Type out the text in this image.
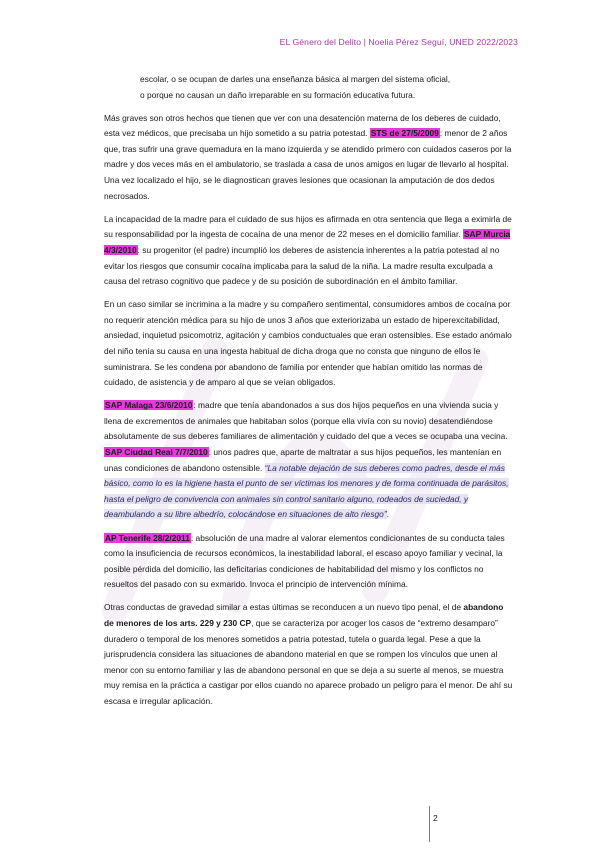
EL Género del Delito | Noelia Pérez Seguí, UNED 2022/2023
escolar, o se ocupan de darles una enseñanza básica al margen del sistema oficial,
o porque no causan un daño irreparable en su formación educativa futura.

Más graves son otros hechos que tienen que ver con una desatención materna de los deberes de cuidado, esta vez médicos, que precisaba un hijo sometido a su patria potestad. STS de 27/5/2009: menor de 2 años que, tras sufrir una grave quemadura en la mano izquierda y se atendido primero con cuidados caseros por la madre y dos veces más en el ambulatorio, se traslada a casa de unos amigos en lugar de llevarlo al hospital. Una vez localizado el hijo, se le diagnostican graves lesiones que ocasionan la amputación de dos dedos necrosados.

La incapacidad de la madre para el cuidado de sus hijos es afirmada en otra sentencia que llega a eximirla de su responsabilidad por la ingesta de cocaína de una menor de 22 meses en el domicilio familiar. SAP Murcia 4/3/2010: su progenitor (el padre) incumplió los deberes de asistencia inherentes a la patria potestad al no evitar los riesgos que consumir cocaína implicaba para la salud de la niña. La madre resulta exculpada a causa del retraso cognitivo que padece y de su posición de subordinación en el ámbito familiar.

En un caso similar se incrimina a la madre y su compañero sentimental, consumidores ambos de cocaína por no requerir atención médica para su hijo de unos 3 años que exteriorizaba un estado de hiperexcitabilidad, ansiedad, inquietud psicomotriz, agitación y cambios conductuales que eran ostensibles. Ese estado anómalo del niño tenía su causa en una ingesta habitual de dicha droga que no consta que ninguno de ellos le suministrara. Se les condena por abandono de familia por entender que habían omitido las normas de cuidado, de asistencia y de amparo al que se veían obligados.

SAP Malaga 23/6/2010: madre que tenía abandonados a sus dos hijos pequeños en una vivienda sucia y llena de excrementos de animales que habitaban solos (porque ella vivía con su novio) desatendiéndose absolutamente de sus deberes familiares de alimentación y cuidado del que a veces se ocupaba una vecina. SAP Ciudad Real 7/7/2010: unos padres que, aparte de maltratar a sus hijos pequeños, les mantenían en unas condiciones de abandono ostensible. “La notable dejación de sus deberes como padres, desde el más básico, como lo es la higiene hasta el punto de ser víctimas los menores y de forma continuada de parásitos, hasta el peligro de convivencia con animales sin control sanitario alguno, rodeados de suciedad, y deambulando a su libre albedrío, colocándose en situaciones de alto riesgo”.

AP Tenerife 28/2/2011: absolución de una madre al valorar elementos condicionantes de su conducta tales como la insuficiencia de recursos económicos, la inestabilidad laboral, el escaso apoyo familiar y vecinal, la posible pérdida del domicilio, las deficitarias condiciones de habitabilidad del mismo y los conflictos no resueltos del pasado con su exmarido. Invoca el principio de intervención mínima.

Otras conductas de gravedad similar a estas últimas se reconducen a un nuevo tipo penal, el de abandono de menores de los arts. 229 y 230 CP, que se caracteriza por acoger los casos de “extremo desamparo” duradero o temporal de los menores sometidos a patria potestad, tutela o guarda legal. Pese a que la jurisprudencia considera las situaciones de abandono material en que se rompen los vínculos que unen al menor con su entorno familiar y las de abandono personal en que se deja a su suerte al menos, se muestra muy remisa en la práctica a castigar por ellos cuando no aparece probado un peligro para el menor. De ahí su escasa e irregular aplicación.

2
